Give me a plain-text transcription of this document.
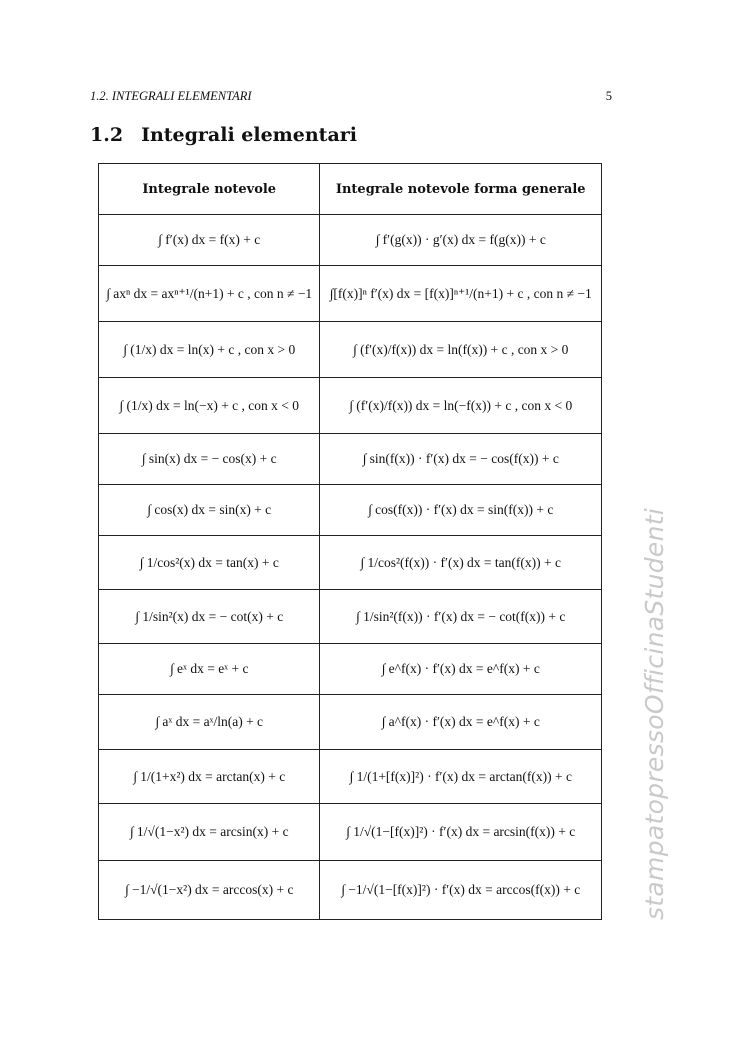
1.2. INTEGRALI ELEMENTARI	5
1.2 Integrali elementari
Integrale notevole	Integrale notevole forma generale
∫ f′(x) dx = f(x) + c	∫ f′(g(x)) · g′(x) dx = f(g(x)) + c
∫ axⁿ dx = axⁿ⁺¹/(n+1) + c , con n ≠ −1	∫[f(x)]ⁿ f′(x) dx = [f(x)]ⁿ⁺¹/(n+1) + c , con n ≠ −1
∫ (1/x) dx = ln(x) + c , con x > 0	∫ (f′(x)/f(x)) dx = ln(f(x)) + c , con x > 0
∫ (1/x) dx = ln(−x) + c , con x < 0	∫ (f′(x)/f(x)) dx = ln(−f(x)) + c , con x < 0
∫ sin(x) dx = − cos(x) + c	∫ sin(f(x)) · f′(x) dx = − cos(f(x)) + c
∫ cos(x) dx = sin(x) + c	∫ cos(f(x)) · f′(x) dx = sin(f(x)) + c
∫ 1/cos²(x) dx = tan(x) + c	∫ 1/cos²(f(x)) · f′(x) dx = tan(f(x)) + c
∫ 1/sin²(x) dx = − cot(x) + c	∫ 1/sin²(f(x)) · f′(x) dx = − cot(f(x)) + c
∫ eˣ dx = eˣ + c	∫ e^f(x) · f′(x) dx = e^f(x) + c
∫ aˣ dx = aˣ/ln(a) + c	∫ a^f(x) · f′(x) dx = e^f(x) + c
∫ 1/(1+x²) dx = arctan(x) + c	∫ 1/(1+[f(x)]²) · f′(x) dx = arctan(f(x)) + c
∫ 1/√(1−x²) dx = arcsin(x) + c	∫ 1/√(1−[f(x)]²) · f′(x) dx = arcsin(f(x)) + c
∫ −1/√(1−x²) dx = arccos(x) + c	∫ −1/√(1−[f(x)]²) · f′(x) dx = arccos(f(x)) + c stampatopressoOfficinaStudenti
